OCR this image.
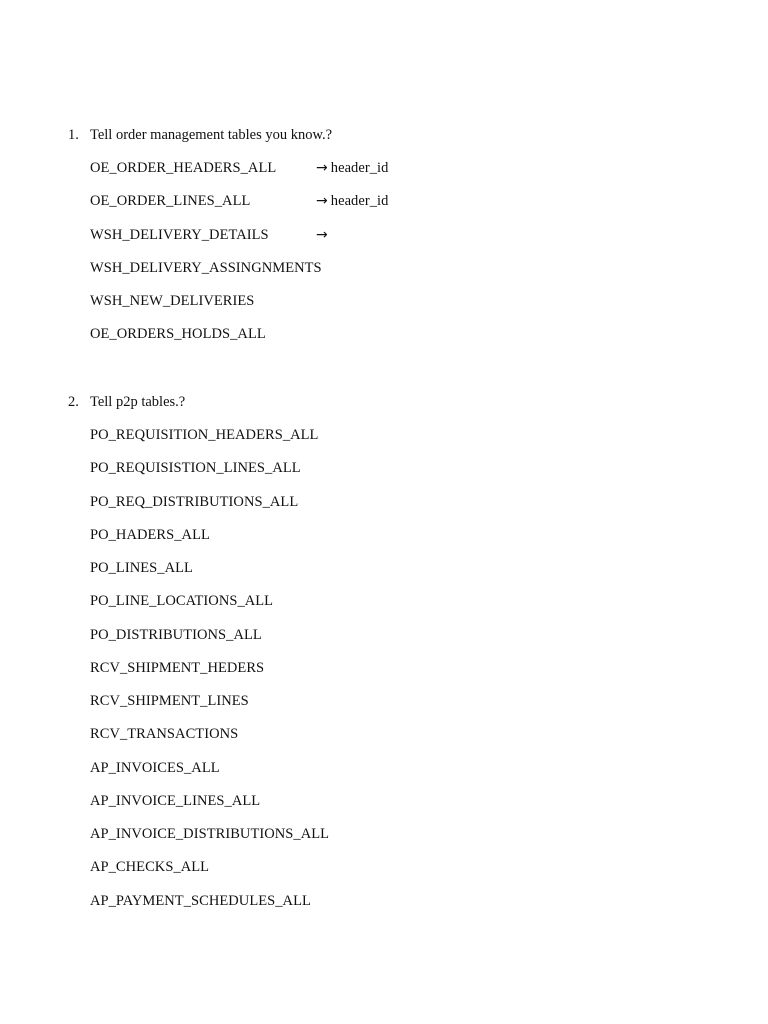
1. Tell order management tables you know.?
OE_ORDER_HEADERS_ALL	→ header_id
OE_ORDER_LINES_ALL	→ header_id
WSH_DELIVERY_DETAILS	→
WSH_DELIVERY_ASSINGNMENTS
WSH_NEW_DELIVERIES
OE_ORDERS_HOLDS_ALL
2. Tell p2p tables.?
PO_REQUISITION_HEADERS_ALL
PO_REQUISISTION_LINES_ALL
PO_REQ_DISTRIBUTIONS_ALL
PO_HADERS_ALL
PO_LINES_ALL
PO_LINE_LOCATIONS_ALL
PO_DISTRIBUTIONS_ALL
RCV_SHIPMENT_HEDERS
RCV_SHIPMENT_LINES
RCV_TRANSACTIONS
AP_INVOICES_ALL
AP_INVOICE_LINES_ALL
AP_INVOICE_DISTRIBUTIONS_ALL
AP_CHECKS_ALL
AP_PAYMENT_SCHEDULES_ALL
